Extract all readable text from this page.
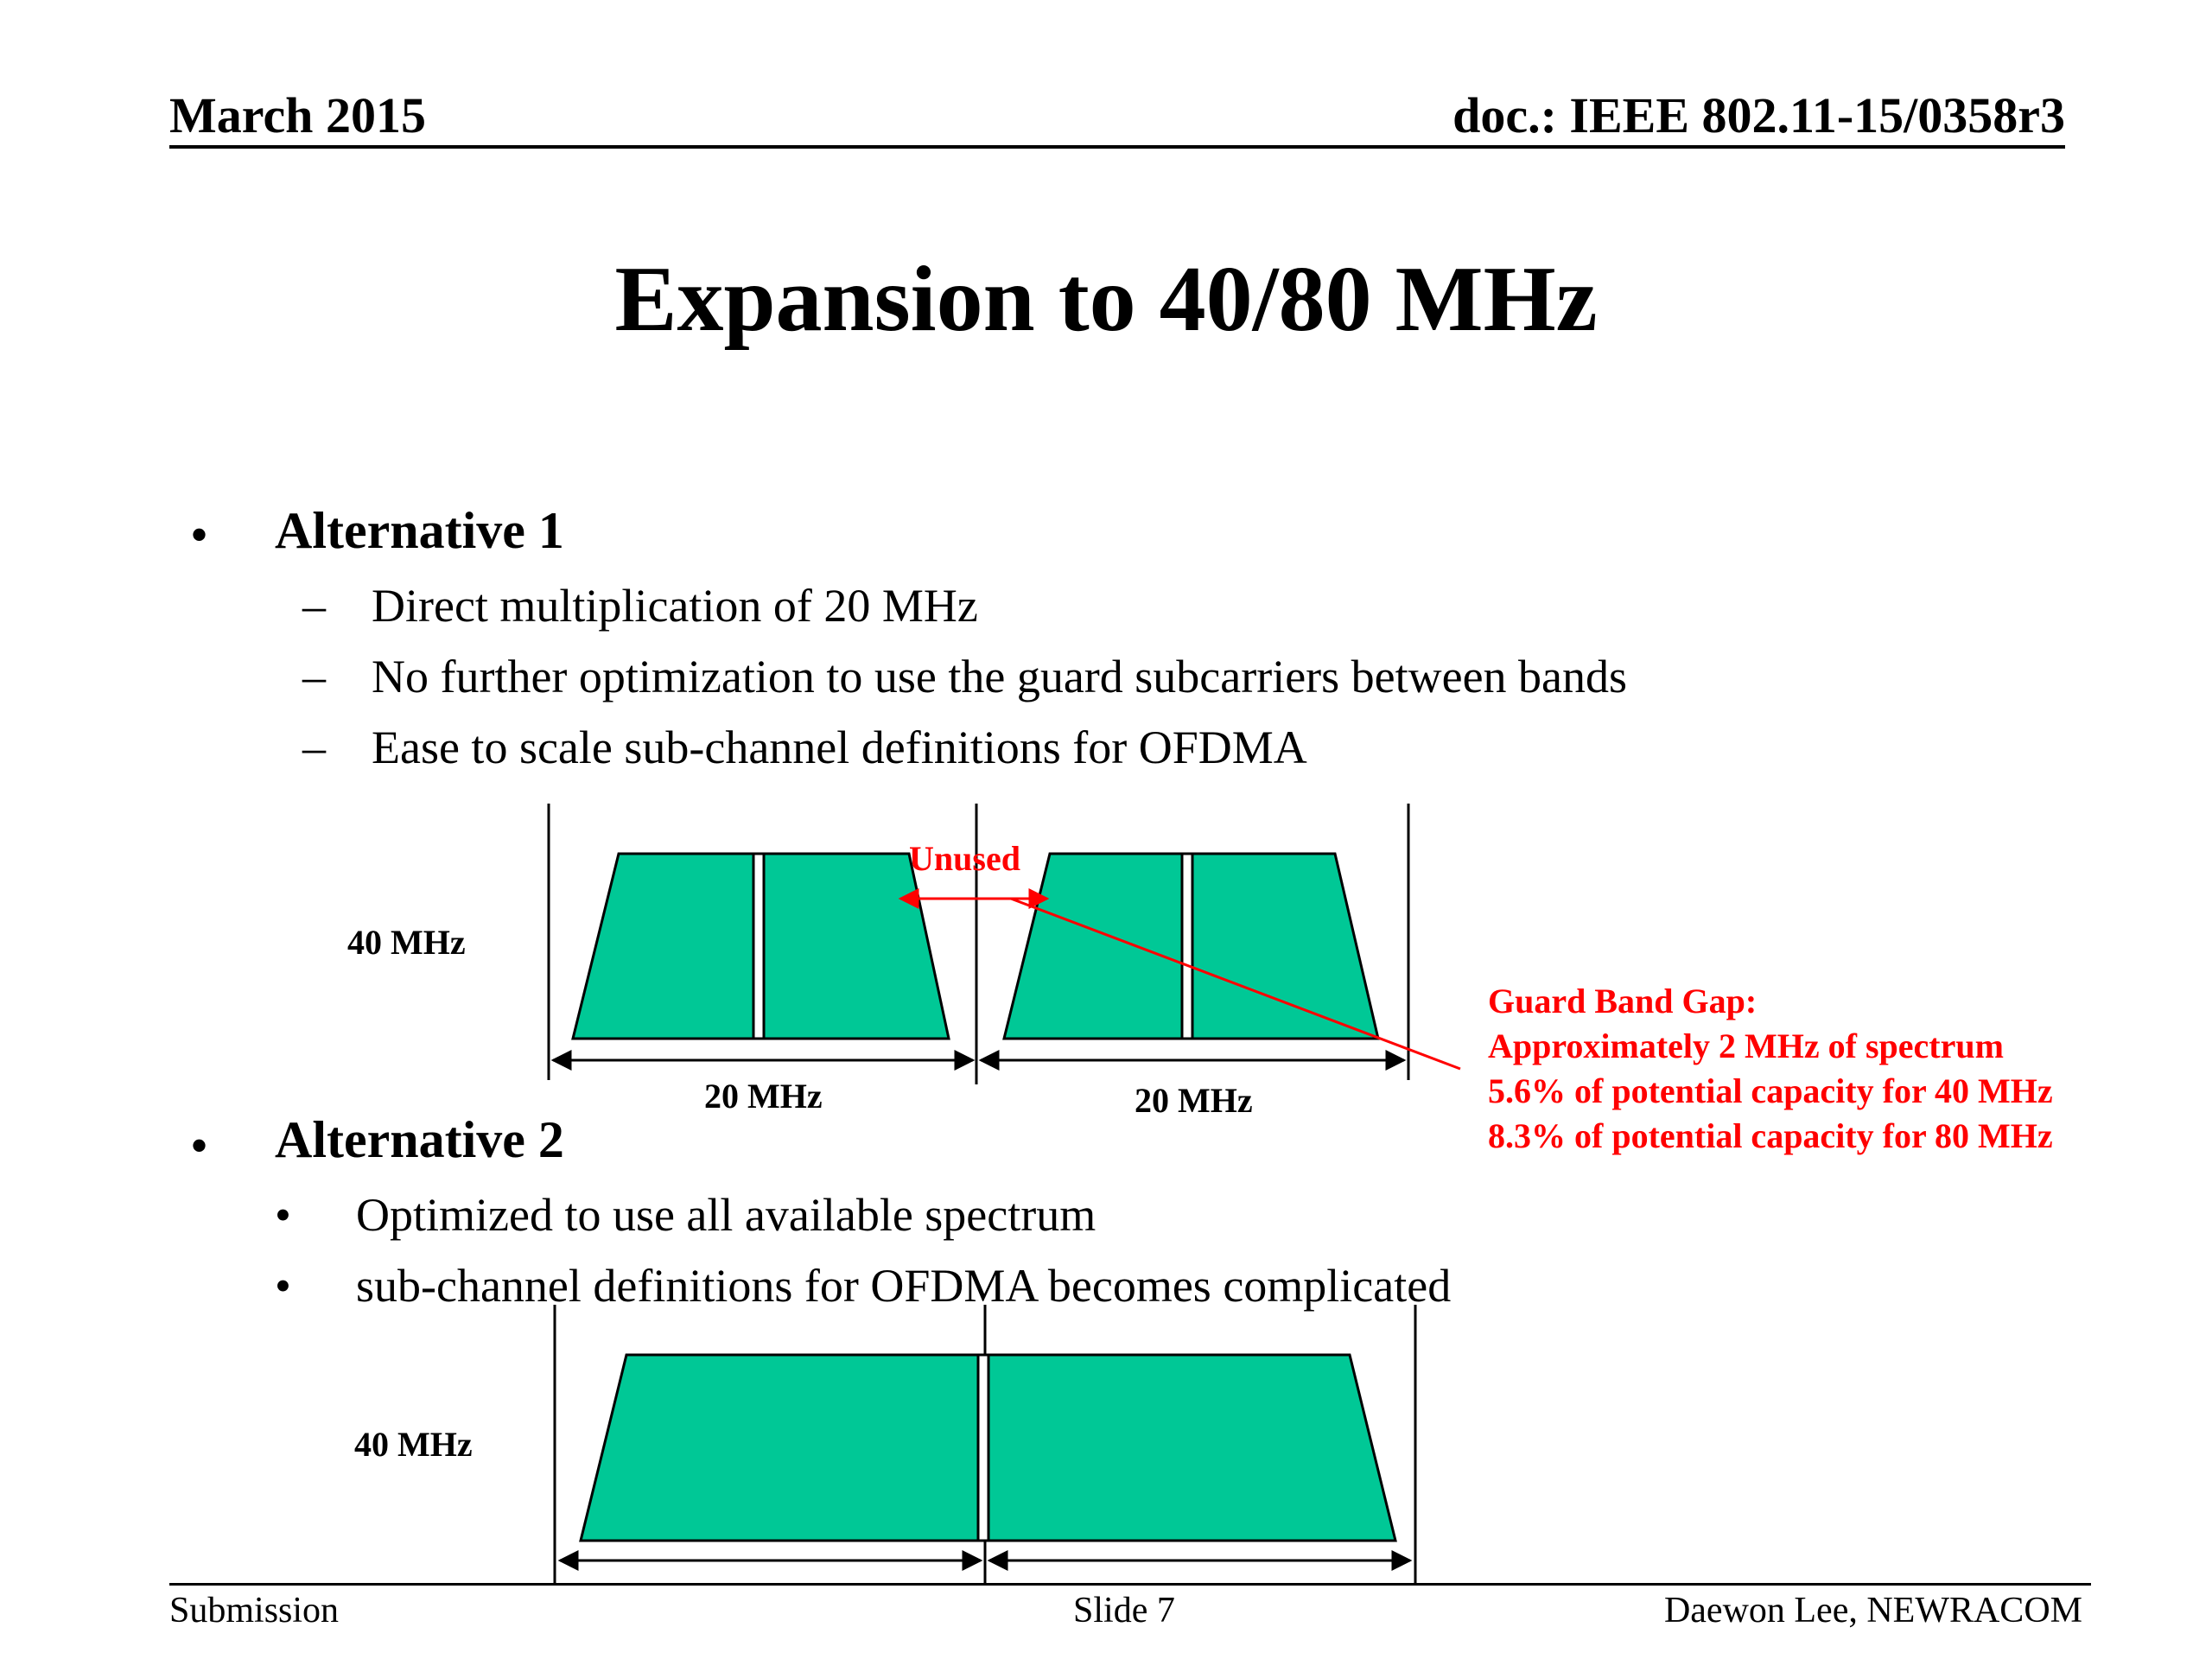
March 2015	doc.: IEEE 802.11-15/0358r3
Expansion to 40/80 MHz
• Alternative 1
– Direct multiplication of 20 MHz
– No further optimization to use the guard subcarriers between bands
– Ease to scale sub-channel definitions for OFDMA
40 MHz
20 MHz	20 MHz
Unused
Guard Band Gap:
Approximately 2 MHz of spectrum
5.6% of potential capacity for 40 MHz
8.3% of potential capacity for 80 MHz
• Alternative 2
• Optimized to use all available spectrum
• sub-channel definitions for OFDMA becomes complicated
40 MHz
Submission	Slide 7	Daewon Lee, NEWRACOM
